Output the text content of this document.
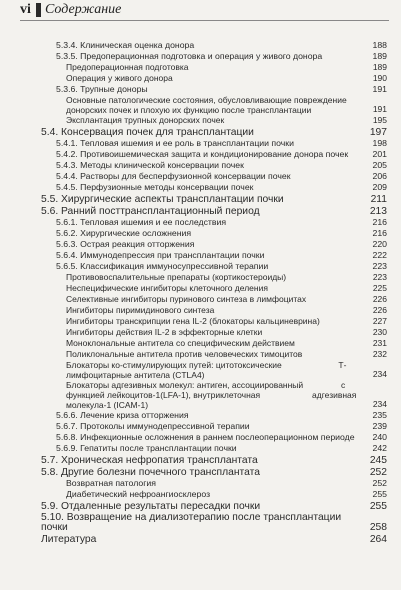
vi Содержание
5.3.4. Клиническая оценка донора	188
5.3.5. Предоперационная подготовка и операция у живого донора	189
Предоперационная подготовка	189
Операция у живого донора	190
5.3.6. Трупные доноры	191
Основные патологические состояния, обусловливающие повреждение донорских почек и плохую их функцию после трансплантации	191
Эксплантация трупных донорских почек	195
5.4. Консервация почек для трансплантации	197
5.4.1. Тепловая ишемия и ее роль в трансплантации почки	198
5.4.2. Противоишемическая защита и кондиционирование донора почек	201
5.4.3. Методы клинической консервации почек	205
5.4.4. Растворы для бесперфузионной консервации почек	206
5.4.5. Перфузионные методы консервации почек	209
5.5. Хирургические аспекты трансплантации почки	211
5.6. Ранний посттрансплантационный период	213
5.6.1. Тепловая ишемия и ее последствия	216
5.6.2. Хирургические осложнения	216
5.6.3. Острая реакция отторжения	220
5.6.4. Иммунодепрессия при трансплантации почки	222
5.6.5. Классификация иммуносупрессивной терапии	223
Противовоспалительные препараты (кортикостероиды)	223
Неспецифические ингибиторы клеточного деления	225
Селективные ингибиторы пуринового синтеза в лимфоцитах	226
Ингибиторы пиримидинового синтеза	226
Ингибиторы транскрипции гена IL-2 (блокаторы кальциневрина)	227
Ингибиторы действия IL-2 в эффекторные клетки	230
Моноклональные антитела со специфическим действием	231
Поликлональные антитела против человеческих тимоцитов	232
Блокаторы ко-стимулирующих путей: цитотоксические                        Т-лимфоцитарные антитела (CTLA4)	234
Блокаторы адгезивных молекул: антиген, ассоциированный                с функцией лейкоцитов-1(LFA-1), внутриклеточная                      адгезивная молекула-1 (ICAM-1)	234
5.6.6. Лечение криза отторжения	235
5.6.7. Протоколы иммунодепрессивной терапии	239
5.6.8. Инфекционные осложнения в раннем послеоперационном периоде	240
5.6.9. Гепатиты после трансплантации почки	242
5.7. Хроническая нефропатия трансплантата	245
5.8. Другие болезни почечного трансплантата	252
Возвратная патология	252
Диабетический нефроангиосклероз	255
5.9. Отдаленные результаты пересадки почки	255
5.10. Возвращение на диализотерапию после трансплантации почки	258
Литература	264
